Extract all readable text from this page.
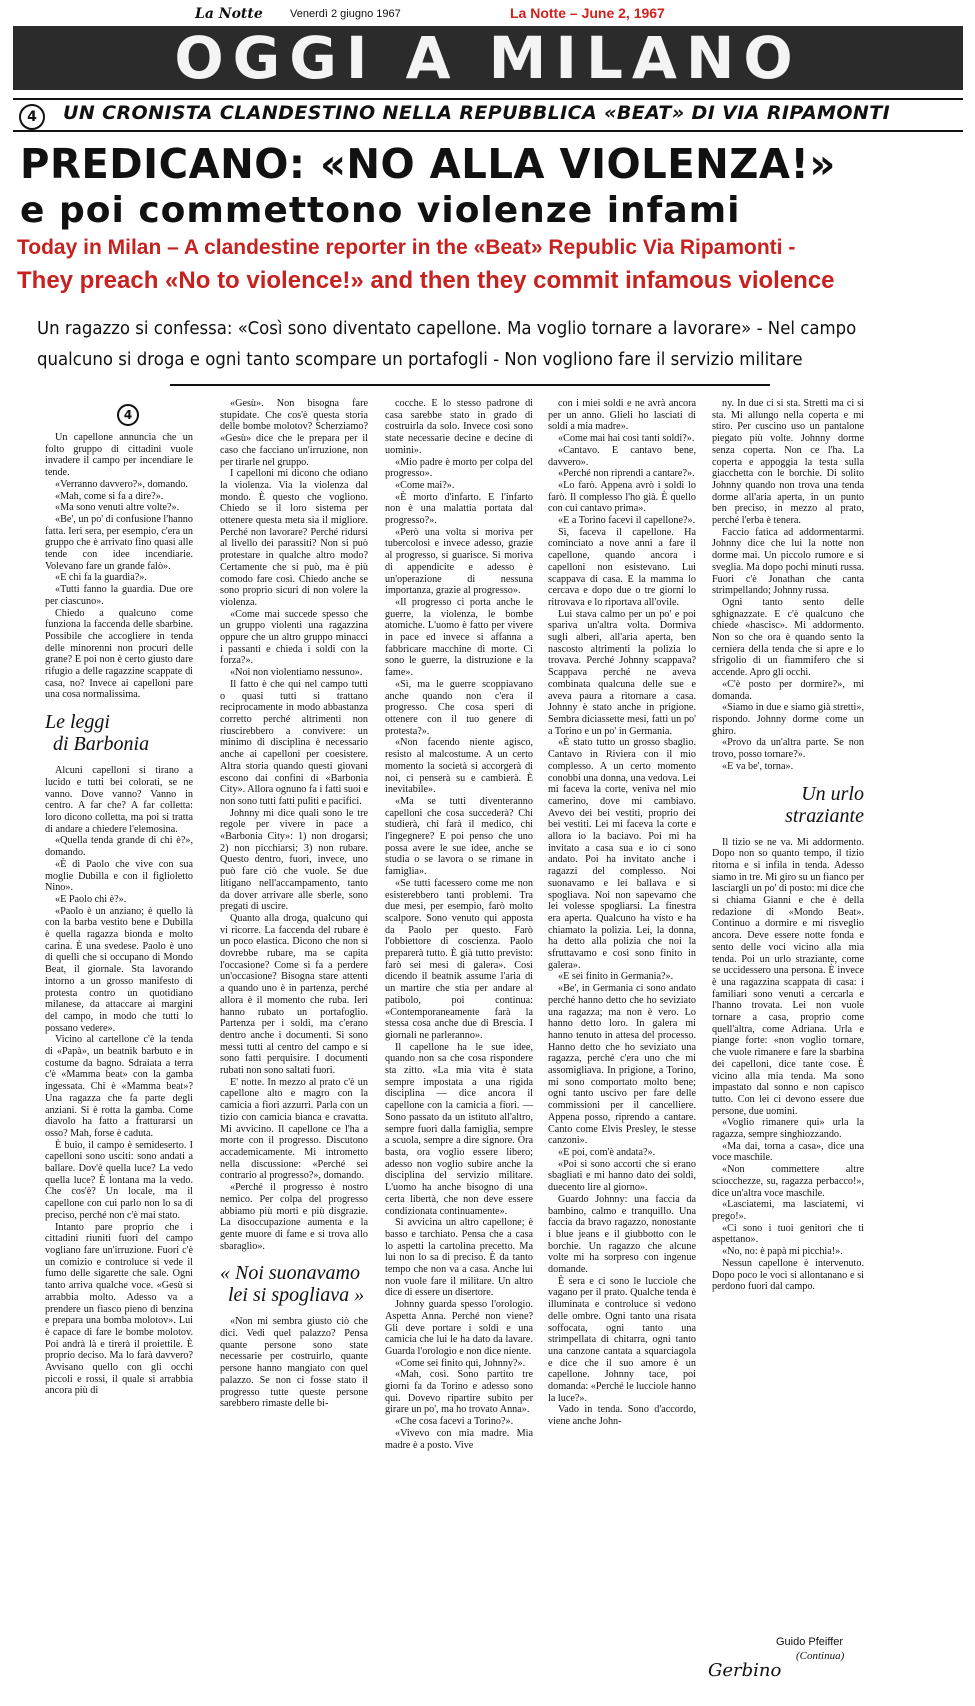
La Notte Venerdì 2 giugno 1967	La Notte – June 2, 1967
OGGI A MILANO
4	UN CRONISTA CLANDESTINO NELLA REPUBBLICA «BEAT» DI VIA RIPAMONTI
PREDICANO: «NO ALLA VIOLENZA!»
e poi commettono violenze infami
Today in Milan – A clandestine reporter in the «Beat» Republic Via Ripamonti -
They preach «No to violence!» and then they commit infamous violence
Un ragazzo si confessa: «Così sono diventato capellone. Ma voglio tornare a lavorare» - Nel campo
qualcuno si droga e ogni tanto scompare un portafogli - Non vogliono fare il servizio militare
4

Un capellone annuncia che un folto gruppo di cittadini vuole invadere il campo per incendiare le tende.

«Verranno davvero?», domando.

«Mah, come si fa a dire?».

«Ma sono venuti altre volte?».

«Be', un po' di confusione l'hanno fatta. Ieri sera, per esempio, c'era un gruppo che è arrivato fino quasi alle tende con idee incendiarie. Volevano fare un grande falò».

«E chi fa la guardia?».

«Tutti fanno la guardia. Due ore per ciascuno».

Chiedo a qualcuno come funziona la faccenda delle sbarbine. Possibile che accogliere in tenda delle minorenni non procuri delle grane? E poi non è certo giusto dare rifugio a delle ragazzine scappate di casa, no? Invece ai capelloni pare una cosa normalissima.

Le leggi
di Barbonia

Alcuni capelloni si tirano a lucido e tutti bei colorati, se ne vanno. Dove vanno? Vanno in centro. A far che? A far colletta: loro dicono colletta, ma poi si tratta di andare a chiedere l'elemosina.

«Quella tenda grande di chi è?», domando.

«È di Paolo che vive con sua moglie Dubilla e con il figlioletto Nino».

«E Paolo chi è?».

«Paolo è un anziano; è quello là con la barba vestito bene e Dubilla è quella ragazza bionda e molto carina. È una svedese. Paolo è uno di quelli che si occupano di Mondo Beat, il giornale. Sta lavorando intorno a un grosso manifesto di protesta contro un quotidiano milanese, da attaccare ai margini del campo, in modo che tutti lo possano vedere».

Vicino al cartellone c'è la tenda di «Papà», un beatnik barbuto e in costume da bagno. Sdraiata a terra c'è «Mamma beat» con la gamba ingessata. Chi è «Mamma beat»? Una ragazza che fa parte degli anziani. Si è rotta la gamba. Come diavolo ha fatto a fratturarsi un osso? Mah, forse è caduta.

È buio, il campo è semideserto. I capelloni sono usciti: sono andati a ballare. Dov'è quella luce? La vedo quella luce? È lontana ma la vedo. Che cos'è? Un locale, ma il capellone con cui parlo non lo sa di preciso, perché non c'è mai stato.

Intanto pare proprio che i cittadini riuniti fuori del campo vogliano fare un'irruzione. Fuori c'è un comizio e controluce si vede il fumo delle sigarette che sale. Ogni tanto arriva qualche voce. «Gesù si arrabbia molto. Adesso va a prendere un fiasco pieno di benzina e prepara una bomba molotov». Lui è capace di fare le bombe molotov. Poi andrà là e tirerà il proiettile. È proprio deciso. Ma lo farà davvero? Avvisano quello con gli occhi piccoli e rossi, il quale si arrabbia ancora più di

«Gesù». Non bisogna fare stupidate. Che cos'è questa storia delle bombe molotov? Scherziamo? «Gesù» dice che le prepara per il caso che facciano un'irruzione, non per tirarle nel gruppo.

I capelloni mi dicono che odiano la violenza. Via la violenza dal mondo. È questo che vogliono. Chiedo se il loro sistema per ottenere questa meta sia il migliore. Perché non lavorare? Perché ridursi al livello dei parassiti? Non si può protestare in qualche altro modo? Certamente che si può, ma è più comodo fare così. Chiedo anche se sono proprio sicuri di non volere la violenza.

«Come mai succede spesso che un gruppo violenti una ragazzina oppure che un altro gruppo minacci i passanti e chieda i soldi con la forza?».

«Noi non violentiamo nessuno».

Il fatto è che qui nel campo tutti o quasi tutti si trattano reciprocamente in modo abbastanza corretto perché altrimenti non riuscirebbero a convivere: un minimo di disciplina è necessario anche ai capelloni per coesistere. Altra storia quando questi giovani escono dai confini di «Barbonia City». Allora ognuno fa i fatti suoi e non sono tutti fatti puliti e pacifici.

Johnny mi dice quali sono le tre regole per vivere in pace a «Barbonia City»: 1) non drogarsi; 2) non picchiarsi; 3) non rubare. Questo dentro, fuori, invece, uno può fare ciò che vuole. Se due litigano nell'accampamento, tanto da dover arrivare alle sberle, sono pregati di uscire.

Quanto alla droga, qualcuno qui vi ricorre. La faccenda del rubare è un poco elastica. Dicono che non si dovrebbe rubare, ma se capita l'occasione? Come si fa a perdere un'occasione? Bisogna stare attenti a quando uno è in partenza, perché allora è il momento che ruba. Ieri hanno rubato un portafoglio. Partenza per i soldi, ma c'erano dentro anche i documenti. Si sono messi tutti al centro del campo e si sono fatti perquisire. I documenti rubati non sono saltati fuori.

E' notte. In mezzo al prato c'è un capellone alto e magro con la camicia a fiori azzurri. Parla con un tizio con camicia bianca e cravatta. Mi avvicino. Il capellone ce l'ha a morte con il progresso. Discutono accademicamente. Mi intrometto nella discussione: «Perché sei contrario al progresso?», domando.

«Perché il progresso è nostro nemico. Per colpa del progresso abbiamo più morti e più disgrazie. La disoccupazione aumenta e la gente muore di fame e si trova allo sbaraglio».

« Noi suonavamo
lei si spogliava »

«Non mi sembra giusto ciò che dici. Vedi quel palazzo? Pensa quante persone sono state necessarie per costruirlo, quante persone hanno mangiato con quel palazzo. Se non ci fosse stato il progresso tutte queste persone sarebbero rimaste delle bi-

cocche. E lo stesso padrone di casa sarebbe stato in grado di costruirla da solo. Invece così sono state necessarie decine e decine di uomini».

«Mio padre è morto per colpa del progresso».

«Come mai?».

«È morto d'infarto. E l'infarto non è una malattia portata dal progresso?».

«Però una volta si moriva per tubercolosi e invece adesso, grazie al progresso, si guarisce. Si moriva di appendicite e adesso è un'operazione di nessuna importanza, grazie al progresso».

«Il progresso ci porta anche le guerre, la violenza, le bombe atomiche. L'uomo è fatto per vivere in pace ed invece si affanna a fabbricare macchine di morte. Ci sono le guerre, la distruzione e la fame».

«Sì, ma le guerre scoppiavano anche quando non c'era il progresso. Che cosa speri di ottenere con il tuo genere di protesta?».

«Non facendo niente agisco, resisto al malcostume. A un certo momento la società si accorgerà di noi, ci penserà su e cambierà. È inevitabile».

«Ma se tutti diventeranno capelloni che cosa succederà? Chi studierà, chi farà il medico, chi l'ingegnere? E poi penso che uno possa avere le sue idee, anche se studia o se lavora o se rimane in famiglia».

«Se tutti facessero come me non esisterebbero tanti problemi. Tra due mesi, per esempio, farò molto scalpore. Sono venuto qui apposta da Paolo per questo. Farò l'obbiettore di coscienza. Paolo preparerà tutto. È già tutto previsto: farò sei mesi di galera». Così dicendo il beatnik assume l'aria di un martire che stia per andare al patibolo, poi continua: «Contemporaneamente farà la stessa cosa anche due di Brescia. I giornali ne parleranno».

Il capellone ha le sue idee, quando non sa che cosa rispondere sta zitto. «La mia vita è stata sempre impostata a una rigida disciplina — dice ancora il capellone con la camicia a fiori. — Sono passato da un istituto all'altro, sempre fuori dalla famiglia, sempre a scuola, sempre a dire signore. Ora basta, ora voglio essere libero; adesso non voglio subire anche la disciplina del servizio militare. L'uomo ha anche bisogno di una certa libertà, che non deve essere condizionata continuamente».

Si avvicina un altro capellone; è basso e tarchiato. Pensa che a casa lo aspetti la cartolina precetto. Ma lui non lo sa di preciso. È da tanto tempo che non va a casa. Anche lui non vuole fare il militare. Un altro dice di essere un disertore.

Johnny guarda spesso l'orologio. Aspetta Anna. Perché non viene? Gli deve portare i soldi e una camicia che lui le ha dato da lavare. Guarda l'orologio e non dice niente.

«Come sei finito qui, Johnny?».

«Mah, così. Sono partito tre giorni fa da Torino e adesso sono qui. Dovevo ripartire subito per girare un po', ma ho trovato Anna».

«Che cosa facevi a Torino?».

«Vivevo con mia madre. Mia madre è a posto. Vive

con i miei soldi e ne avrà ancora per un anno. Glieli ho lasciati di soldi a mia madre».

«Come mai hai così tanti soldi?».

«Cantavo. E cantavo bene, davvero».

«Perché non riprendi a cantare?».

«Lo farò. Appena avrò i soldi lo farò. Il complesso l'ho già. È quello con cui cantavo prima».

«E a Torino facevi il capellone?».

Sì, faceva il capellone. Ha cominciato a nove anni a fare il capellone, quando ancora i capelloni non esistevano. Lui scappava di casa. E la mamma lo cercava e dopo due o tre giorni lo ritrovava e lo riportava all'ovile.

Lui stava calmo per un po' e poi spariva un'altra volta. Dormiva sugli alberi, all'aria aperta, ben nascosto altrimenti la polizia lo trovava. Perché Johnny scappava? Scappava perché ne aveva combinata qualcuna delle sue e aveva paura a ritornare a casa. Johnny è stato anche in prigione. Sembra diciassette mesi, fatti un po' a Torino e un po' in Germania.

«È stato tutto un grosso sbaglio. Cantavo in Riviera con il mio complesso. A un certo momento conobbi una donna, una vedova. Lei mi faceva la corte, veniva nel mio camerino, dove mi cambiavo. Avevo dei bei vestiti, proprio dei bei vestiti. Lei mi faceva la corte e allora io la baciavo. Poi mi ha invitato a casa sua e io ci sono andato. Poi ha invitato anche i ragazzi del complesso. Noi suonavamo e lei ballava e si spogliava. Noi non sapevamo che lei volesse spogliarsi. La finestra era aperta. Qualcuno ha visto e ha chiamato la polizia. Lei, la donna, ha detto alla polizia che noi la sfruttavamo e così sono finito in galera».

«E sei finito in Germania?».

«Be', in Germania ci sono andato perché hanno detto che ho seviziato una ragazza; ma non è vero. Lo hanno detto loro. In galera mi hanno tenuto in attesa del processo. Hanno detto che ho seviziato una ragazza, perché c'era uno che mi assomigliava. In prigione, a Torino, mi sono comportato molto bene; ogni tanto uscivo per fare delle commissioni per il cancelliere. Appena posso, riprendo a cantare. Canto come Elvis Presley, le stesse canzoni».

«E poi, com'è andata?».

«Poi si sono accorti che si erano sbagliati e mi hanno dato dei soldi, duecento lire al giorno».

Guardo Johnny: una faccia da bambino, calmo e tranquillo. Una faccia da bravo ragazzo, nonostante i blue jeans e il giubbotto con le borchie. Un ragazzo che alcune volte mi ha sorpreso con ingenue domande.

È sera e ci sono le lucciole che vagano per il prato. Qualche tenda è illuminata e controluce si vedono delle ombre. Ogni tanto una risata soffocata, ogni tanto una strimpellata di chitarra, ogni tanto una canzone cantata a squarciagola e dice che il suo amore è un capellone. Johnny tace, poi domanda: «Perché le lucciole hanno la luce?».

Vado in tenda. Sono d'accordo, viene anche John-

ny. In due ci si sta. Stretti ma ci si sta. Mi allungo nella coperta e mi stiro. Per cuscino uso un pantalone piegato più volte. Johnny dorme senza coperta. Non ce l'ha. La coperta e appoggia la testa sulla giacchetta con le borchie. Di solito Johnny quando non trova una tenda dorme all'aria aperta, in un punto ben preciso, in mezzo al prato, perché l'erba è tenera.

Faccio fatica ad addormentarmi. Johnny dice che lui la notte non dorme mai. Un piccolo rumore e si sveglia. Ma dopo pochi minuti russa. Fuori c'è Jonathan che canta strimpellando; Johnny russa.

Ogni tanto sento delle sghignazzate. E c'è qualcuno che chiede «hascisc». Mi addormento. Non so che ora è quando sento la cerniera della tenda che si apre e lo sfrigolio di un fiammifero che si accende. Apro gli occhi.

«C'è posto per dormire?», mi domanda.

«Siamo in due e siamo già stretti», rispondo. Johnny dorme come un ghiro.

«Provo da un'altra parte. Se non trovo, posso tornare?».

«E va be', torna».

Un urlo
straziante

Il tizio se ne va. Mi addormento. Dopo non so quanto tempo, il tizio ritorna e si infila in tenda. Adesso siamo in tre. Mi giro su un fianco per lasciargli un po' di posto: mi dice che si chiama Gianni e che è della redazione di «Mondo Beat». Continuo a dormire e mi risveglio ancora. Deve essere notte fonda e sento delle voci vicino alla mia tenda. Poi un urlo straziante, come se uccidessero una persona. È invece è una ragazzina scappata di casa: i familiari sono venuti a cercarla e l'hanno trovata. Lei non vuole tornare a casa, proprio come quell'altra, come Adriana. Urla e piange forte: «non voglio tornare, che vuole rimanere e fare la sbarbina dei capelloni, dice tante cose. È vicino alla mia tenda. Ma sono impastato dal sonno e non capisco tutto. Con lei ci devono essere due persone, due uomini.

«Voglio rimanere qui» urla la ragazza, sempre singhiozzando.

«Ma dai, torna a casa», dice una voce maschile.

«Non commettere altre sciocchezze, su, ragazza perbacco!», dice un'altra voce maschile.

«Lasciatemi, ma lasciatemi, vi prego!».

«Ci sono i tuoi genitori che ti aspettano».

«No, no: è papà mi picchia!».

Nessun capellone è intervenuto. Dopo poco le voci si allontanano e si perdono fuori dal campo.

Guido Pfeiffer
(Continua)
Gerbino
